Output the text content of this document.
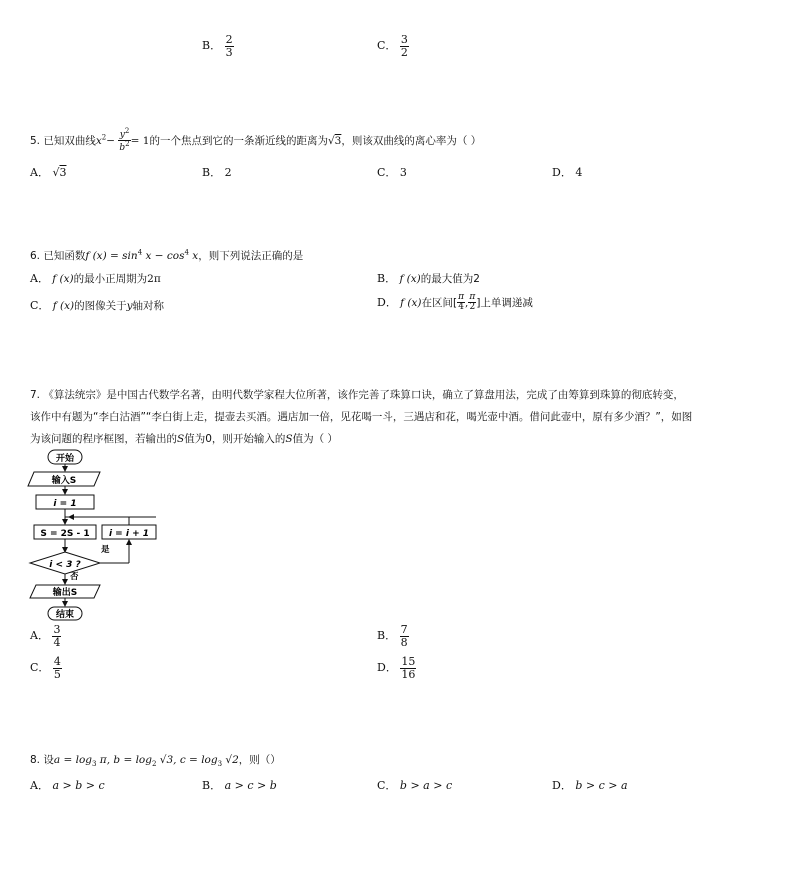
B． $\frac{2}{3}$	C． $\frac{3}{2}$
5. 已知双曲线$x^2- \frac{y^2}{b^2} = 1$的一个焦点到它的一条渐近线的距离为√3，则该双曲线的离心率为（ ）
A． √3	B． 2	C． 3	D． 4
6. 已知函数f $(x) = \sin^4 x - \cos^4 x$，则下列说法正确的是
A． f (x)的最小正周期为2π	B． f (x)的最大值为2
C． f (x)的图像关于y轴对称	D． f (x)在区间[ $\frac{\pi}{4}$ , $\frac{\pi}{2}$ ]上单调递减
7. 《算法统宗》是中国古代数学名著，由明代数学家程大位所著，该作完善了珠算口诀，确立了算盘用法，完成了由筹算到珠算的彻底转变，
该作中有题为“李白沽酒”“李白街上走，提壶去买酒。遇店加一倍，见花喝一斗，三遇店和花，喝光壶中酒。借问此壶中，原有多少酒？”，如图
为该问题的程序框图，若输出的S值为0，则开始输入的S值为（ ）
开始
输入S
i = 1
S = 2S - 1 i = i + 1
i < 3 ?
是
否
输出S
结束
A． $\frac{3}{4}$	B． $\frac{7}{8}$
C． $\frac{4}{5}$	D． $\frac{15}{16}$
8. 设$a = \log_3 \pi$, $b = \log_2 √3$, $c = \log_3 √2$，则（）
A． a > b > c	B． a > c > b	C． b > a > c	D． b > c > a
